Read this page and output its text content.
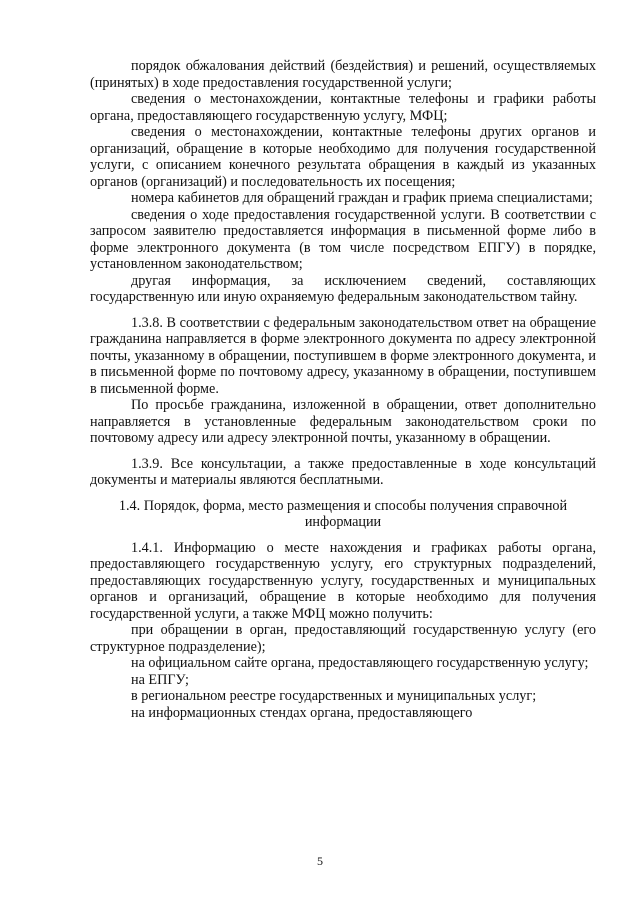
порядок обжалования действий (бездействия) и решений, осуществляемых (принятых) в ходе предоставления государственной услуги;

сведения о местонахождении, контактные телефоны и графики работы органа, предоставляющего государственную услугу, МФЦ;

сведения о местонахождении, контактные телефоны других органов и организаций, обращение в которые необходимо для получения государственной услуги, с описанием конечного результата обращения в каждый из указанных органов (организаций) и последовательность их посещения;

номера кабинетов для обращений граждан и график приема специалистами;

сведения о ходе предоставления государственной услуги. В соответствии с запросом заявителю предоставляется информация в письменной форме либо в форме электронного документа (в том числе посредством ЕПГУ) в порядке, установленном законодательством;

другая информация, за исключением сведений, составляющих государственную или иную охраняемую федеральным законодательством тайну.

1.3.8. В соответствии с федеральным законодательством ответ на обращение гражданина направляется в форме электронного документа по адресу электронной почты, указанному в обращении, поступившем в форме электронного документа, и в письменной форме по почтовому адресу, указанному в обращении, поступившем в письменной форме.

По просьбе гражданина, изложенной в обращении, ответ дополнительно направляется в установленные федеральным законодательством сроки по почтовому адресу или адресу электронной почты, указанному в обращении.

1.3.9. Все консультации, а также предоставленные в ходе консультаций документы и материалы являются бесплатными.

1.4. Порядок, форма, место размещения и способы получения справочной информации

1.4.1. Информацию о месте нахождения и графиках работы органа, предоставляющего государственную услугу, его структурных подразделений, предоставляющих государственную услугу, государственных и муниципальных органов и организаций, обращение в которые необходимо для получения государственной услуги, а также МФЦ можно получить:

при обращении в орган, предоставляющий государственную услугу (его структурное подразделение);

на официальном сайте органа, предоставляющего государственную услугу;

на ЕПГУ;

в региональном реестре государственных и муниципальных услуг;

на информационных стендах органа, предоставляющего

5
